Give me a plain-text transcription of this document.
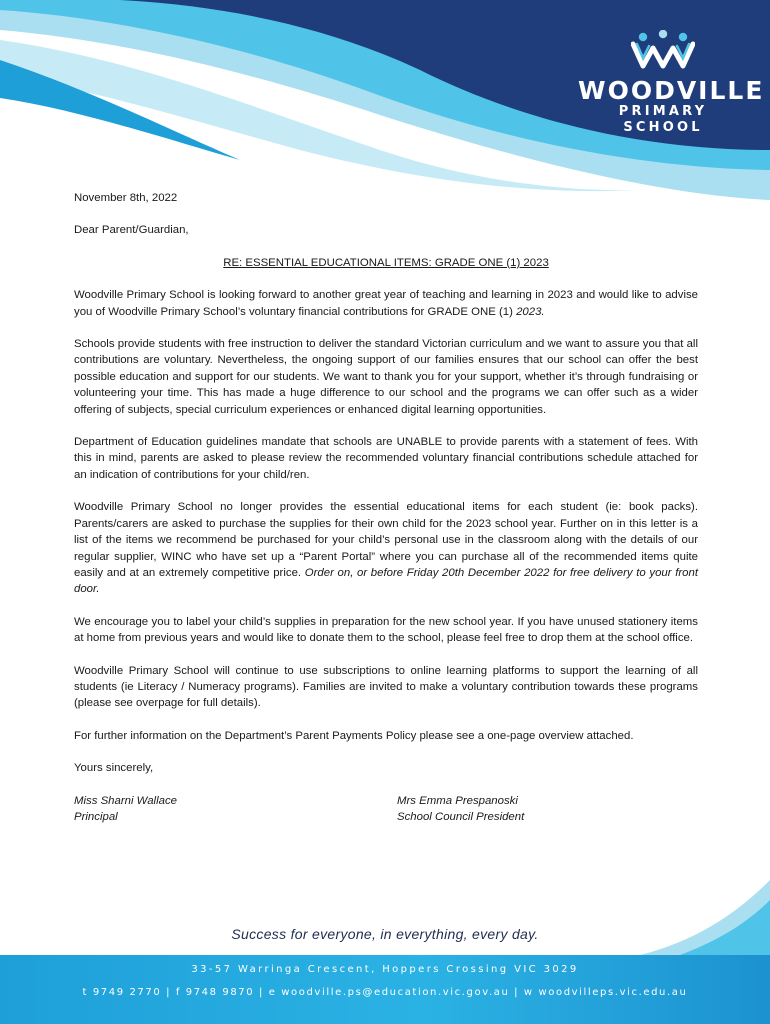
WOODVILLE
PRIMARY SCHOOL

November 8th, 2022

Dear Parent/Guardian,

RE: ESSENTIAL EDUCATIONAL ITEMS: GRADE ONE (1) 2023

Woodville Primary School is looking forward to another great year of teaching and learning in 2023 and would like to advise you of Woodville Primary School’s voluntary financial contributions for GRADE ONE (1) 2023.

Schools provide students with free instruction to deliver the standard Victorian curriculum and we want to assure you that all contributions are voluntary. Nevertheless, the ongoing support of our families ensures that our school can offer the best possible education and support for our students. We want to thank you for your support, whether it’s through fundraising or volunteering your time. This has made a huge difference to our school and the programs we can offer such as a wider offering of subjects, special curriculum experiences or enhanced digital learning opportunities.

Department of Education guidelines mandate that schools are UNABLE to provide parents with a statement of fees. With this in mind, parents are asked to please review the recommended voluntary financial contributions schedule attached for an indication of contributions for your child/ren.

Woodville Primary School no longer provides the essential educational items for each student (ie: book packs). Parents/carers are asked to purchase the supplies for their own child for the 2023 school year. Further on in this letter is a list of the items we recommend be purchased for your child’s personal use in the classroom along with the details of our regular supplier, WINC who have set up a “Parent Portal” where you can purchase all of the recommended items quite easily and at an extremely competitive price. Order on, or before Friday 20th December 2022 for free delivery to your front door.

We encourage you to label your child’s supplies in preparation for the new school year. If you have unused stationery items at home from previous years and would like to donate them to the school, please feel free to drop them at the school office.

Woodville Primary School will continue to use subscriptions to online learning platforms to support the learning of all students (ie Literacy / Numeracy programs). Families are invited to make a voluntary contribution towards these programs (please see overpage for full details).

For further information on the Department’s Parent Payments Policy please see a one-page overview attached.

Yours sincerely,

Miss Sharni Wallace
Principal
Mrs Emma Prespanoski
School Council President
Success for everyone, in everything, every day.
33-57 Warringa Crescent, Hoppers Crossing VIC 3029
t 9749 2770 | f 9748 9870 | e woodville.ps@education.vic.gov.au | w woodvilleps.vic.edu.au
